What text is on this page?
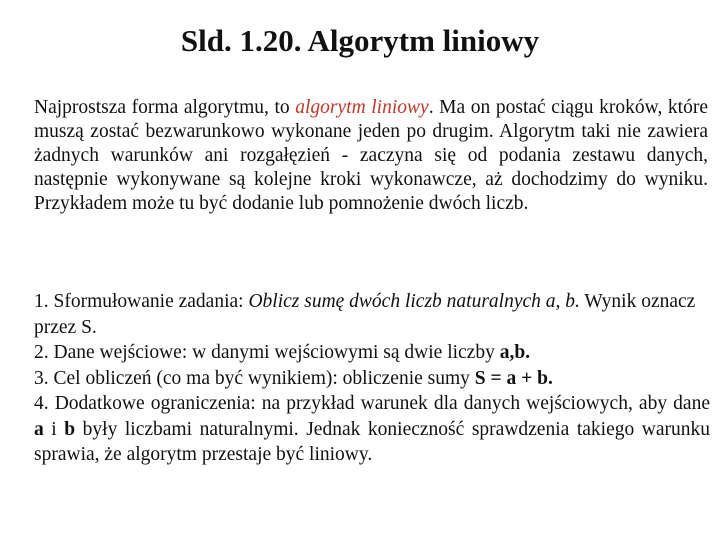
Sld. 1.20. Algorytm liniowy

Najprostsza forma algorytmu, to algorytm liniowy. Ma on postać ciągu kroków, które muszą zostać bezwarunkowo wykonane jeden po drugim. Algorytm taki nie zawiera żadnych warunków ani rozgałęzień - zaczyna się od podania zestawu danych, następnie wykonywane są kolejne kroki wykonawcze, aż dochodzimy do wyniku. Przykładem może tu być dodanie lub pomnożenie dwóch liczb.

1. Sformułowanie zadania: Oblicz sumę dwóch liczb naturalnych a, b. Wynik oznacz przez S.

2. Dane wejściowe: w danymi wejściowymi są dwie liczby a,b.

3. Cel obliczeń (co ma być wynikiem): obliczenie sumy S = a + b.

4. Dodatkowe ograniczenia: na przykład warunek dla danych wejściowych, aby dane a i b były liczbami naturalnymi. Jednak konieczność sprawdzenia takiego warunku sprawia, że algorytm przestaje być liniowy.
